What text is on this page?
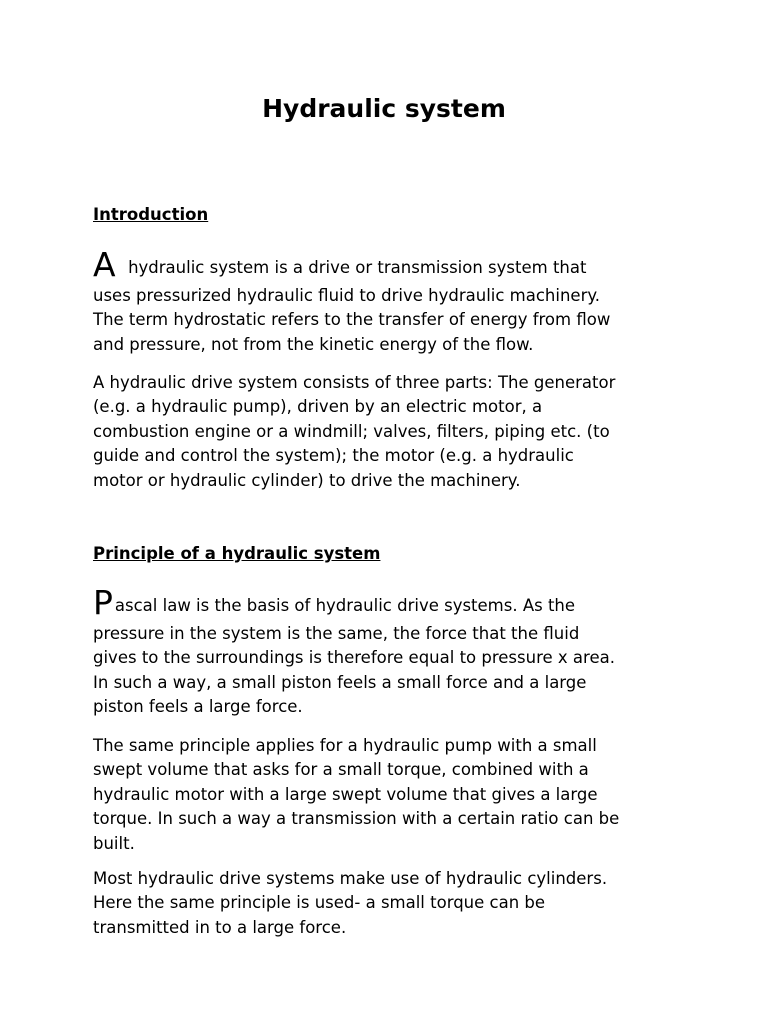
Hydraulic system
Introduction

A  hydraulic system is a drive or transmission system that
uses pressurized hydraulic fluid to drive hydraulic machinery.
The term hydrostatic refers to the transfer of energy from flow
and pressure, not from the kinetic energy of the flow.

A hydraulic drive system consists of three parts: The generator
(e.g. a hydraulic pump), driven by an electric motor, a
combustion engine or a windmill; valves, filters, piping etc. (to
guide and control the system); the motor (e.g. a hydraulic
motor or hydraulic cylinder) to drive the machinery.

Principle of a hydraulic system

Pascal law is the basis of hydraulic drive systems. As the
pressure in the system is the same, the force that the fluid
gives to the surroundings is therefore equal to pressure x area.
In such a way, a small piston feels a small force and a large
piston feels a large force.

The same principle applies for a hydraulic pump with a small
swept volume that asks for a small torque, combined with a
hydraulic motor with a large swept volume that gives a large
torque. In such a way a transmission with a certain ratio can be
built.

Most hydraulic drive systems make use of hydraulic cylinders.
Here the same principle is used- a small torque can be
transmitted in to a large force.
